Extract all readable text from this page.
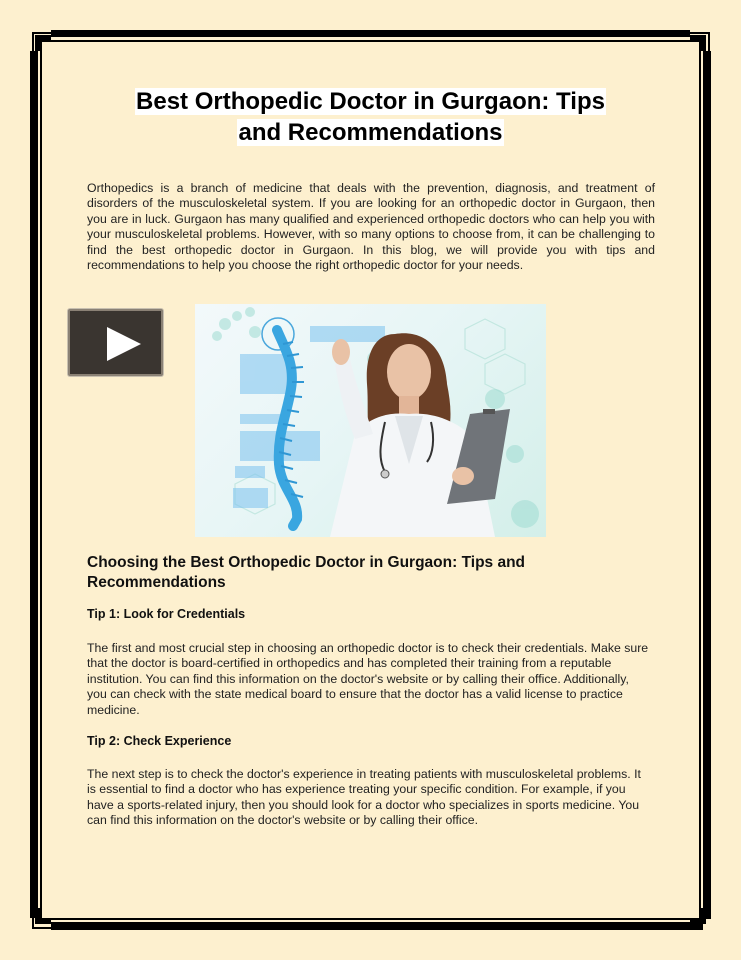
Best Orthopedic Doctor in Gurgaon: Tips
and Recommendations

Orthopedics is a branch of medicine that deals with the prevention, diagnosis, and treatment of disorders of the musculoskeletal system. If you are looking for an orthopedic doctor in Gurgaon, then you are in luck. Gurgaon has many qualified and experienced orthopedic doctors who can help you with your musculoskeletal problems. However, with so many options to choose from, it can be challenging to find the best orthopedic doctor in Gurgaon. In this blog, we will provide you with tips and recommendations to help you choose the right orthopedic doctor for your needs.

Choosing the Best Orthopedic Doctor in Gurgaon: Tips and Recommendations
Tip 1: Look for Credentials

The first and most crucial step in choosing an orthopedic doctor is to check their credentials. Make sure that the doctor is board-certified in orthopedics and has completed their training from a reputable institution. You can find this information on the doctor's website or by calling their office. Additionally, you can check with the state medical board to ensure that the doctor has a valid license to practice medicine.

Tip 2: Check Experience

The next step is to check the doctor's experience in treating patients with musculoskeletal problems. It is essential to find a doctor who has experience treating your specific condition. For example, if you have a sports-related injury, then you should look for a doctor who specializes in sports medicine. You can find this information on the doctor's website or by calling their office.
